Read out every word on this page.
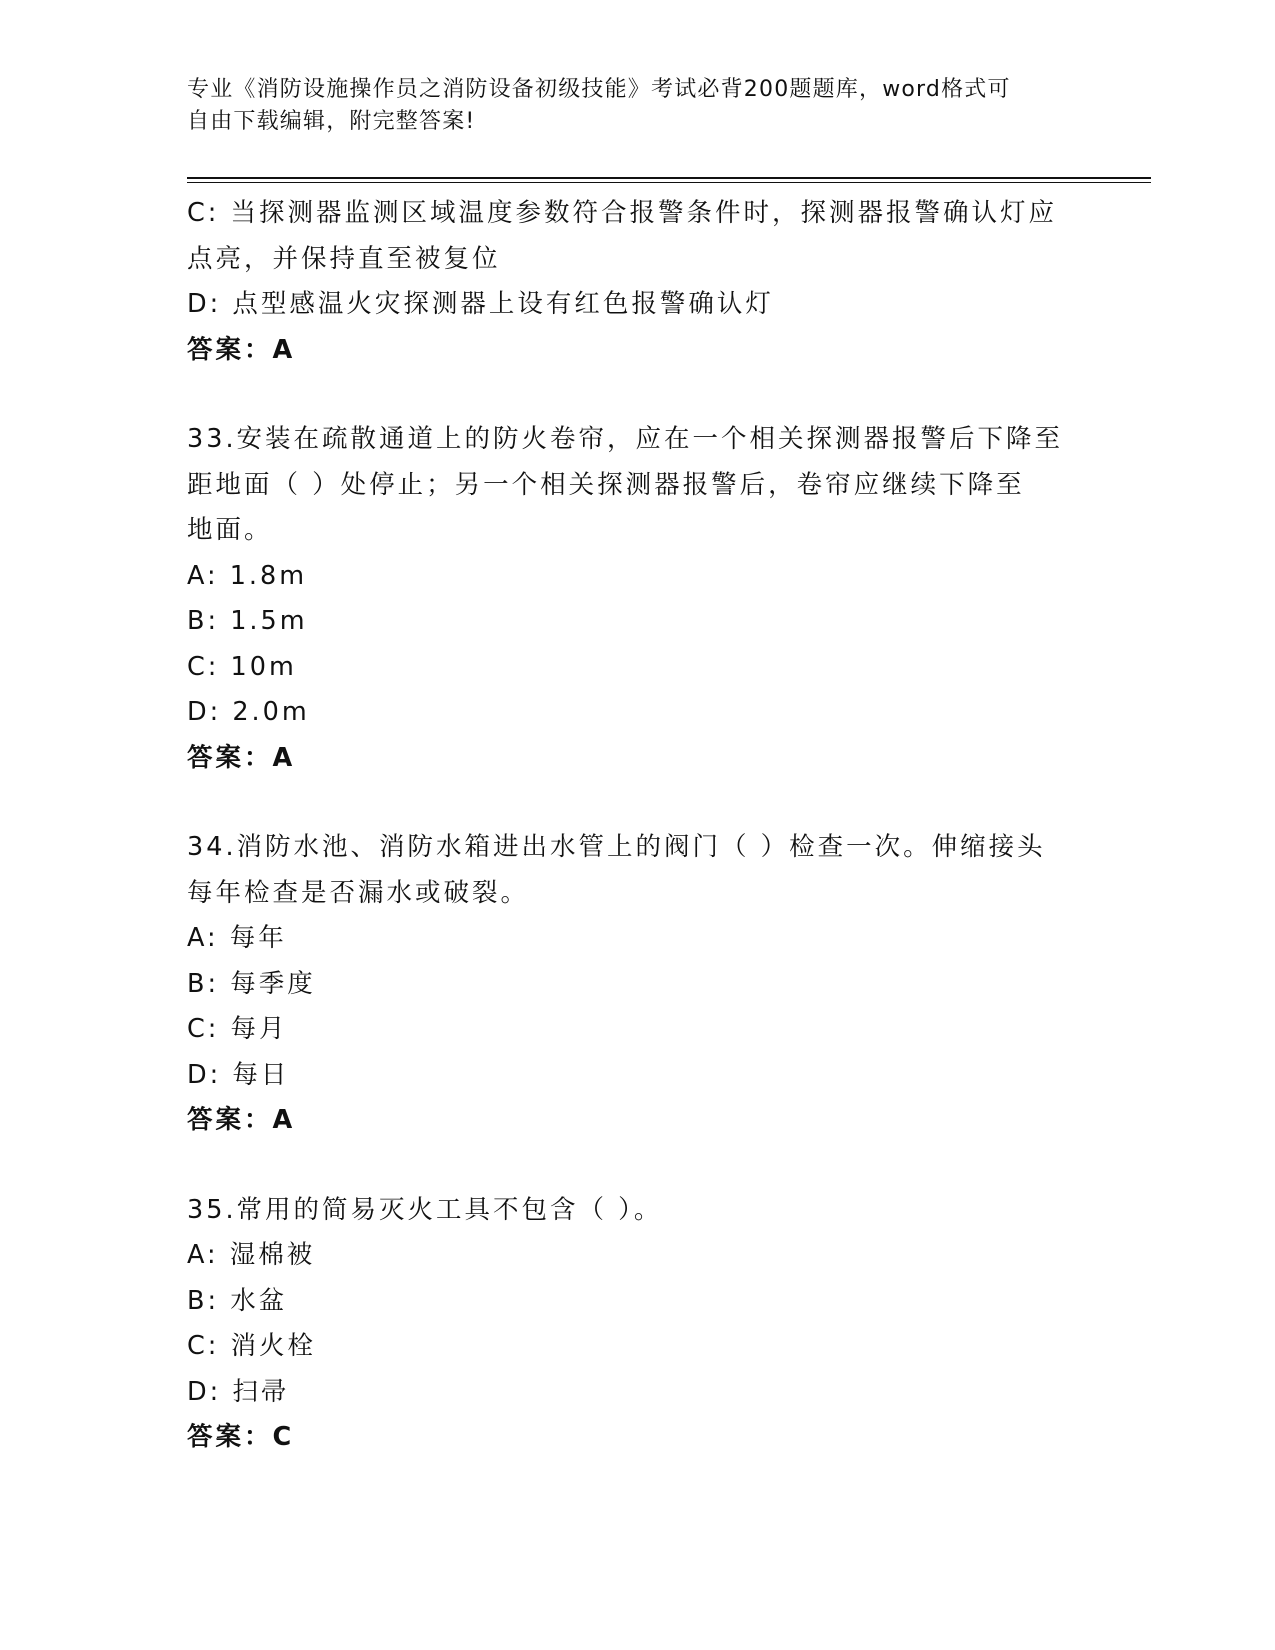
专业《消防设施操作员之消防设备初级技能》考试必背200题题库，word格式可
自由下载编辑，附完整答案!
C: 当探测器监测区域温度参数符合报警条件时，探测器报警确认灯应
点亮，并保持直至被复位
D: 点型感温火灾探测器上设有红色报警确认灯
答案：A
33.安装在疏散通道上的防火卷帘，应在一个相关探测器报警后下降至
距地面（ ）处停止；另一个相关探测器报警后，卷帘应继续下降至
地面。
A: 1.8m
B: 1.5m
C: 10m
D: 2.0m
答案：A
34.消防水池、消防水箱进出水管上的阀门（ ）检查一次。伸缩接头
每年检查是否漏水或破裂。
A: 每年
B: 每季度
C: 每月
D: 每日
答案：A
35.常用的简易灭火工具不包含（ ）。
A: 湿棉被
B: 水盆
C: 消火栓
D: 扫帚
答案：C
